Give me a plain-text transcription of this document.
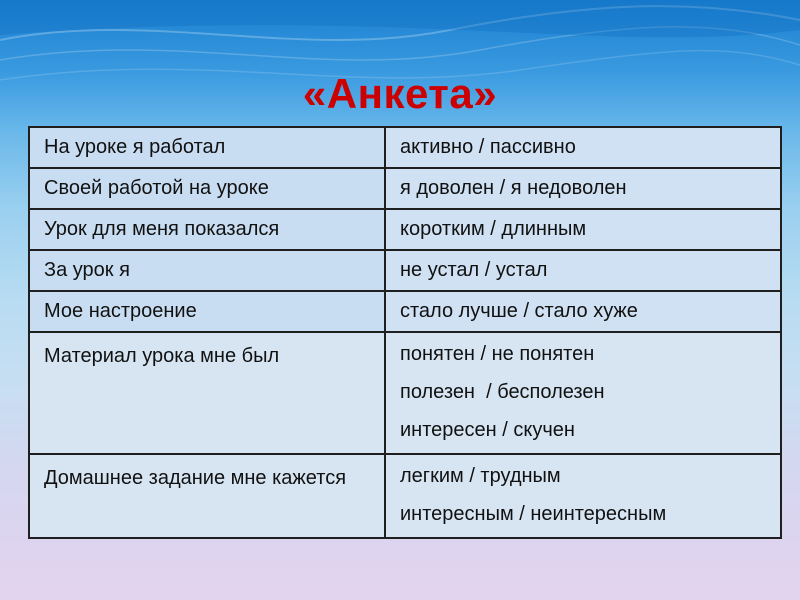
«Анкета»
На уроке я работал	активно / пассивно
Своей работой на уроке	я доволен / я недоволен
Урок для меня показался	коротким / длинным
За урок я	не устал / устал
Мое настроение	стало лучше / стало хуже
Материал урока мне был	понятен / не понятен
полезен  / бесполезен
интересен / скучен

Домашнее задание мне кажется	легким / трудным
интересным / неинтересным
